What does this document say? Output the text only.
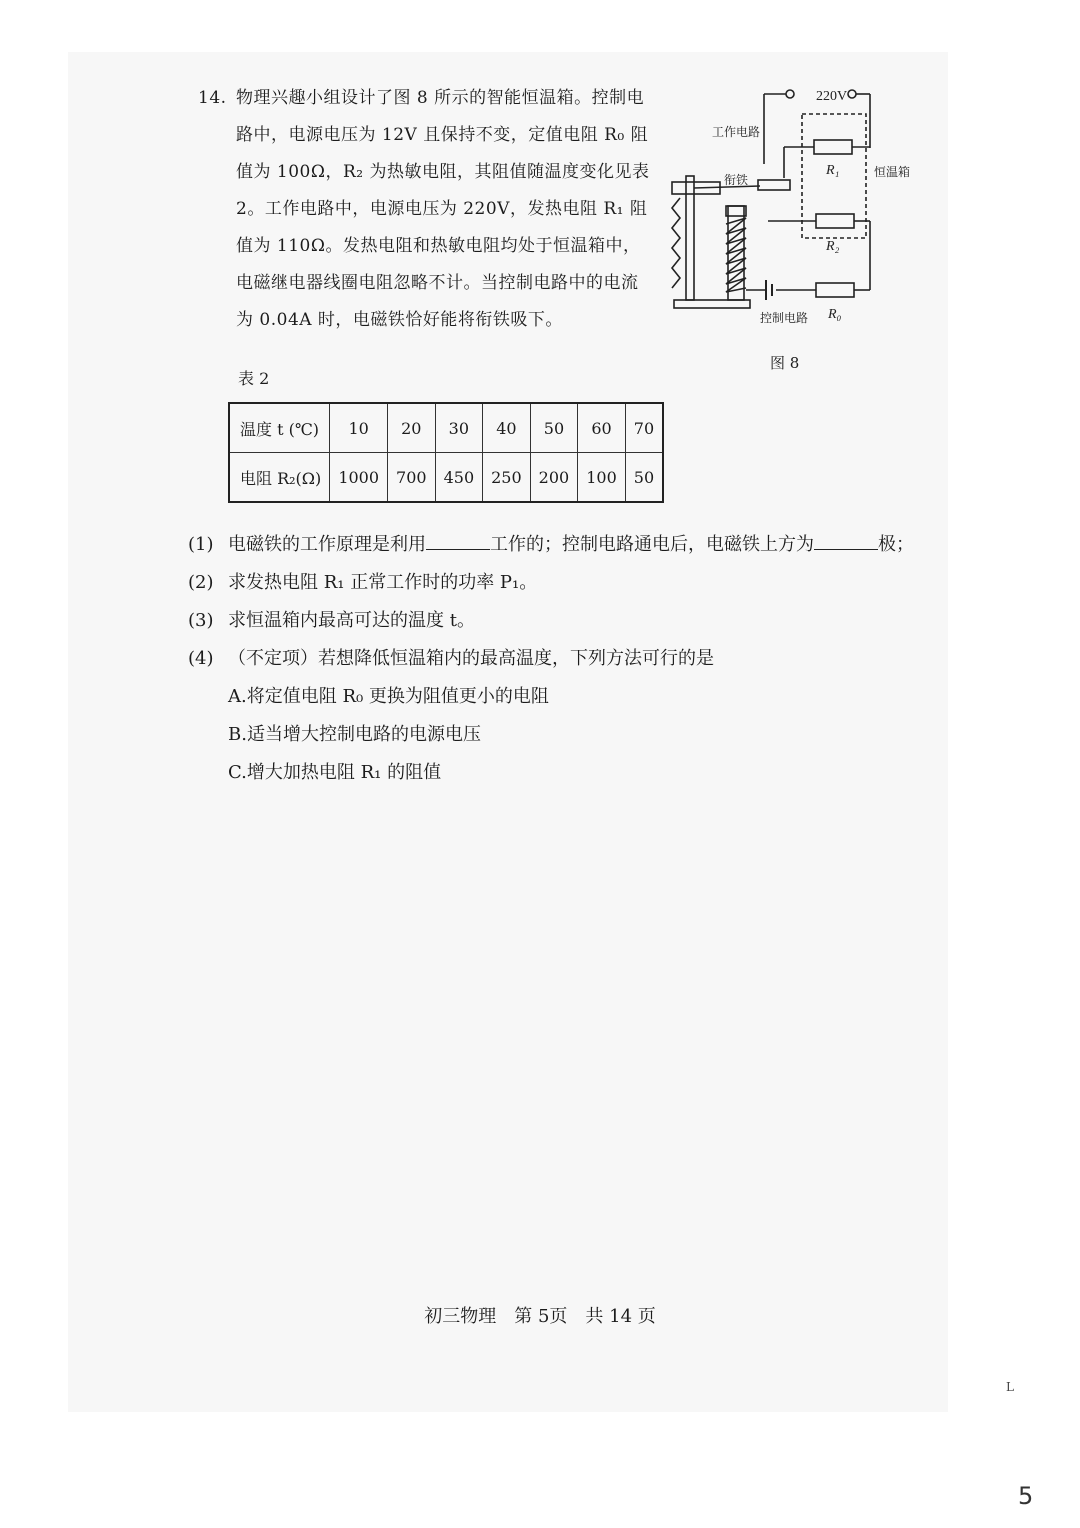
14. 物理兴趣小组设计了图 8 所示的智能恒温箱。控制电
路中，电源电压为 12V 且保持不变，定值电阻 R₀ 阻
值为 100Ω，R₂ 为热敏电阻，其阻值随温度变化见表
2。工作电路中，电源电压为 220V，发热电阻 R₁ 阻
值为 110Ω。发热电阻和热敏电阻均处于恒温箱中，
电磁继电器线圈电阻忽略不计。当控制电路中的电流
为 0.04A 时，电磁铁恰好能将衔铁吸下。
220V
工作电路
衔铁
R₁	恒温箱
R₂
控制电路 R₀
图 8
表 2
温度 t (℃)	10	20	30	40	50	60	70
电阻 R₂(Ω)	1000	700	450	250	200	100	50
(1) 电磁铁的工作原理是利用	工作的；控制电路通电后，电磁铁上方为	极；
(2) 求发热电阻 R₁ 正常工作时的功率 P₁。
(3) 求恒温箱内最高可达的温度 t。
(4) （不定项）若想降低恒温箱内的最高温度，下列方法可行的是
A.将定值电阻 R₀ 更换为阻值更小的电阻
B.适当增大控制电路的电源电压
C.增大加热电阻 R₁ 的阻值
初三物理　第 5页　共 14 页
L
5
